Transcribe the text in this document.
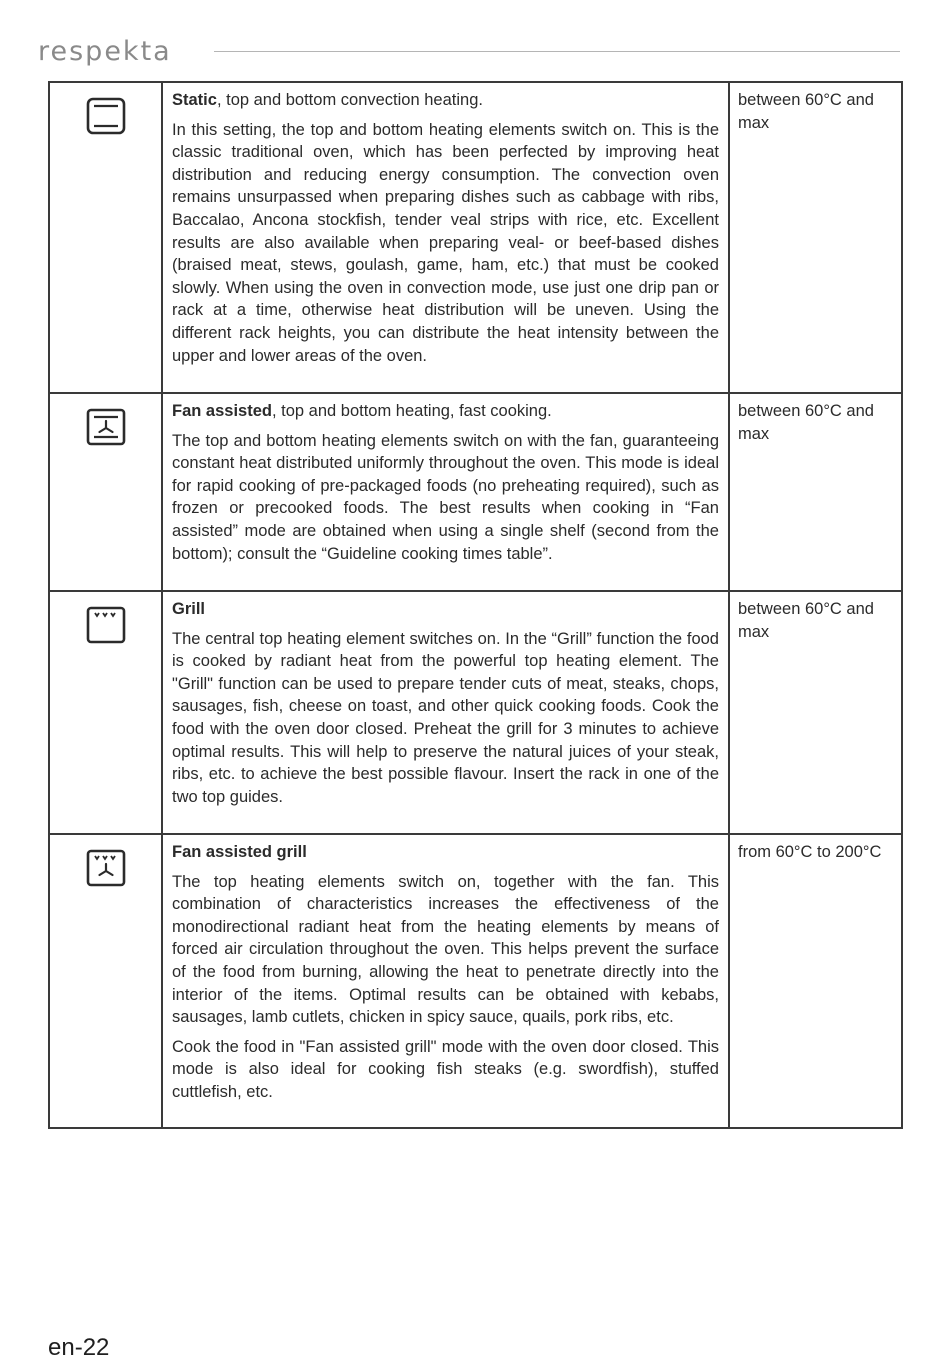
respekta

Static, top and bottom convection heating.

In this setting, the top and bottom heating elements switch on. This is the classic traditional oven, which has been perfected by improving heat distribution and reducing energy consumption. The convection oven remains unsurpassed when preparing dishes such as cabbage with ribs, Baccalao, Ancona stockfish, tender veal strips with rice, etc. Excellent results are also available when preparing veal- or beef-based dishes (braised meat, stews, goulash, game, ham, etc.) that must be cooked slowly. When using the oven in convection mode, use just one drip pan or rack at a time, otherwise heat distribution will be uneven. Using the different rack heights, you can distribute the heat intensity between the upper and lower areas of the oven.	between 60°C and max

Fan assisted, top and bottom heating, fast cooking.

The top and bottom heating elements switch on with the fan, guaranteeing constant heat distributed uniformly throughout the oven. This mode is ideal for rapid cooking of pre-packaged foods (no preheating required), such as frozen or precooked foods. The best results when cooking in “Fan assisted” mode are obtained when using a single shelf (second from the bottom); consult the “Guideline cooking times table”.	between 60°C and max

Grill

The central top heating element switches on. In the “Grill” function the food is cooked by radiant heat from the powerful top heating element. The "Grill" function can be used to prepare tender cuts of meat, steaks, chops, sausages, fish, cheese on toast, and other quick cooking foods. Cook the food with the oven door closed. Preheat the grill for 3 minutes to achieve optimal results. This will help to preserve the natural juices of your steak, ribs, etc. to achieve the best possible flavour. Insert the rack in one of the two top guides.	between 60°C and max

Fan assisted grill

The top heating elements switch on, together with the fan. This combination of characteristics increases the effectiveness of the monodirectional radiant heat from the heating elements by means of forced air circulation throughout the oven. This helps prevent the surface of the food from burning, allowing the heat to penetrate directly into the interior of the items. Optimal results can be obtained with kebabs, sausages, lamb cutlets, chicken in spicy sauce, quails, pork ribs, etc.

Cook the food in "Fan assisted grill" mode with the oven door closed. This mode is also ideal for cooking fish steaks (e.g. swordfish), stuffed cuttlefish, etc.	from 60°C to 200°C
en-22
